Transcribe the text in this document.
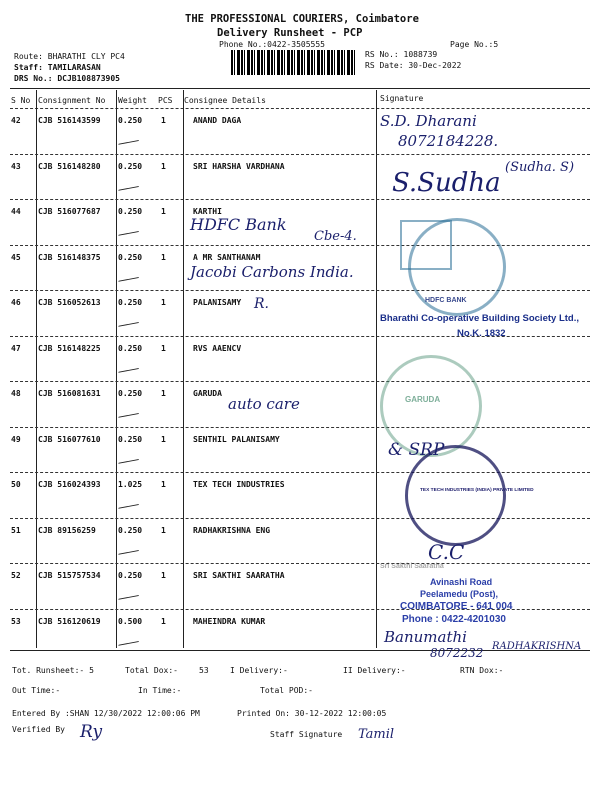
THE PROFESSIONAL COURIERS, Coimbatore
Delivery Runsheet - PCP
Phone No.:0422-3505555	Page No.:5
Route: BHARATHI CLY PC4
Staff: TAMILARASAN
DRS No.: DCJB108873905
RS No.: 1088739
RS Date: 30-Dec-2022
S No Consignment No Weight PCS Consignee Details	Signature
42 CJB 516143599 0.250 1	ANAND DAGA
43 CJB 516148280 0.250 1	SRI HARSHA VARDHANA
44 CJB 516077687 0.250 1	KARTHI
45 CJB 516148375 0.250 1	A MR SANTHANAM
46 CJB 516052613 0.250 1	PALANISAMY
47 CJB 516148225 0.250 1	RVS AAENCV
48 CJB 516081631 0.250 1	GARUDA
49 CJB 516077610 0.250 1	SENTHIL PALANISAMY
50 CJB 516024393 1.025 1	TEX TECH INDUSTRIES
51 CJB 89156259	0.250 1	RADHAKRISHNA ENG
52 CJB 515757534 0.250 1	SRI SAKTHI SAARATHA
53 CJB 516120619 0.500 1	MAHEINDRA KUMAR
HDFC BANK
Bharathi Co-operative Building Society Ltd.,
No.K. 1832
GARUDA
TEX TECH INDUSTRIES (INDIA) PRIVATE LIMITED
Sri Sakthi Saaratha
Avinashi Road
Peelamedu (Post),
COIMBATORE - 641 004
Phone : 0422-4201030
S.D. Dharani
8072184228.
S.Sudha
(Sudha. S)
HDFC Bank
Cbe-4.
Jacobi Carbons India.
R.
auto care
& SRP
C.C
Banumathi
8072232 RADHAKRISHNA
Ry	Tamil
Tot. Runsheet:- 5	Total Dox:-	53	I Delivery:-	II Delivery:-	RTN Dox:-
Out Time:-	In Time:-	Total POD:-
Entered By :SHAN 12/30/2022 12:00:06 PM	Printed On: 30-12-2022 12:00:05
Verified By
Staff Signature
